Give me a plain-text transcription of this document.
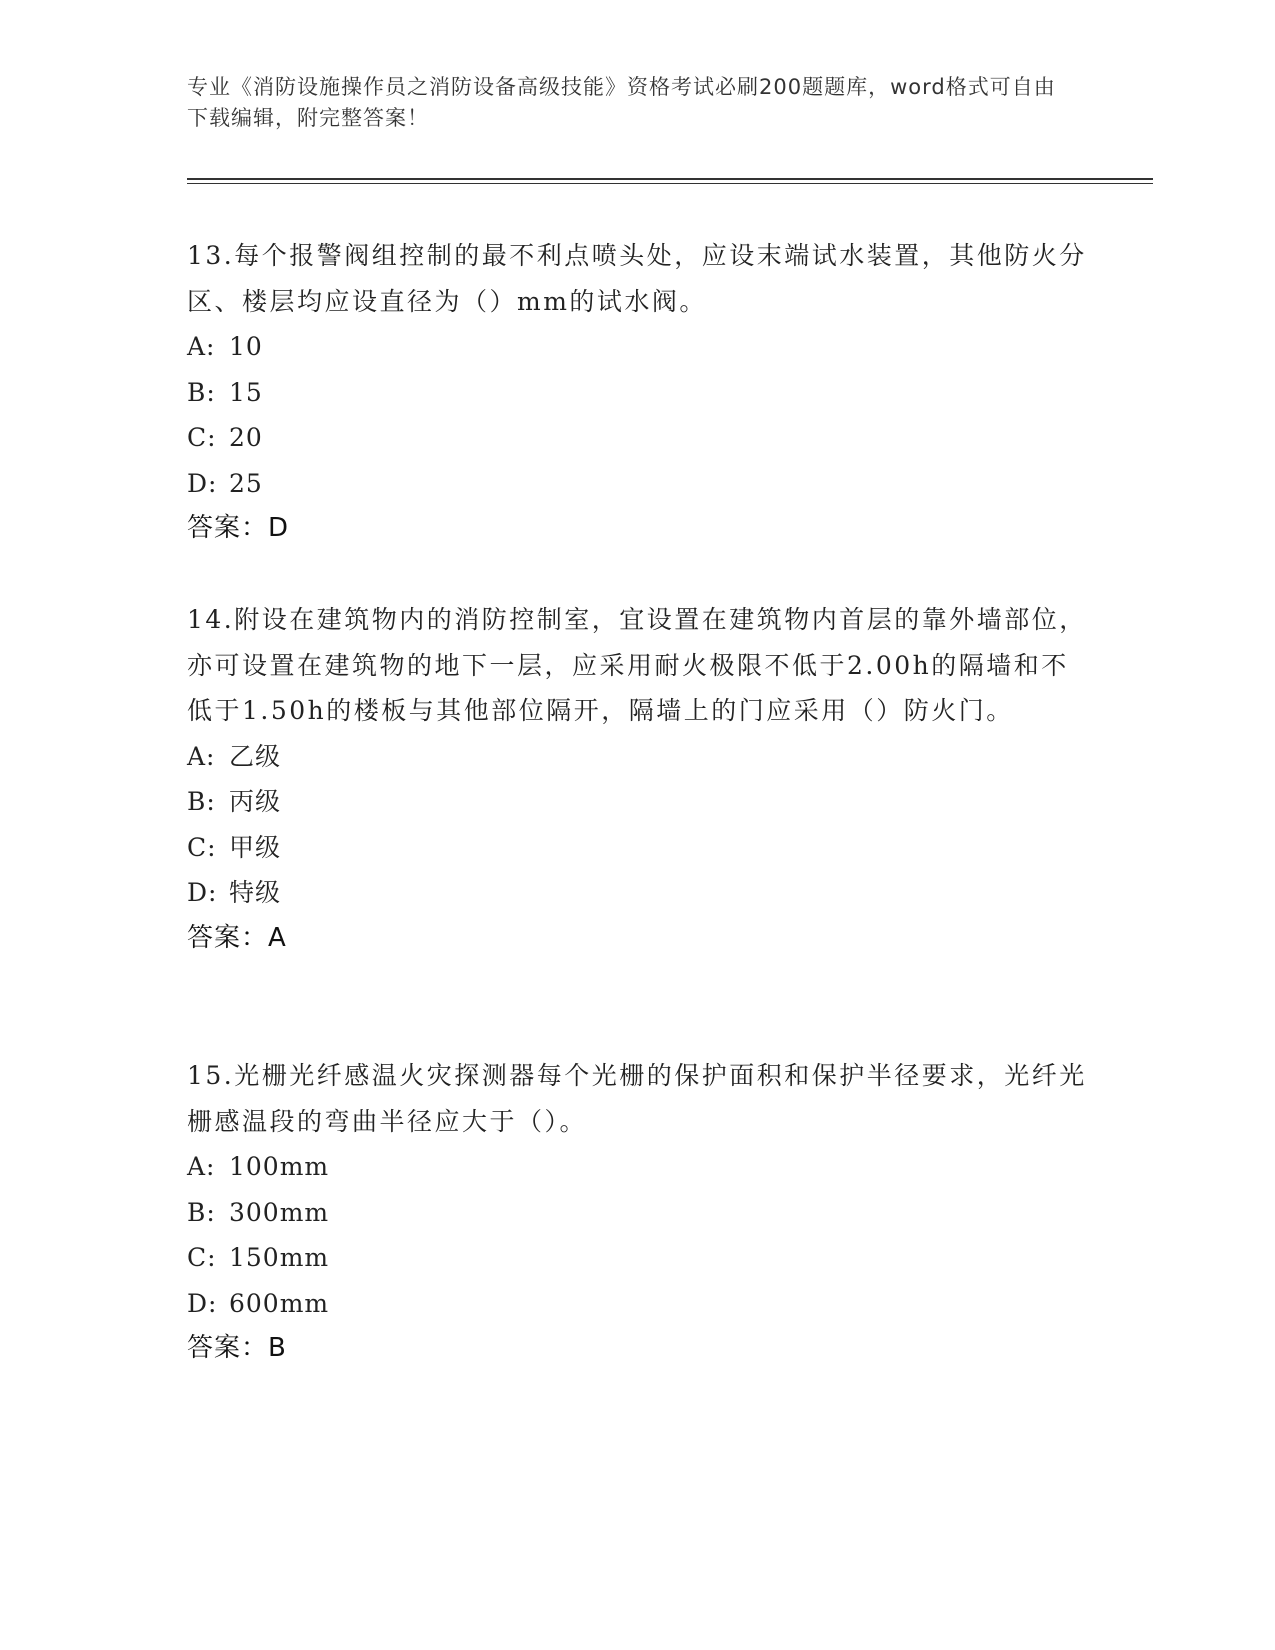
专业《消防设施操作员之消防设备高级技能》资格考试必刷200题题库，word格式可自由下载编辑，附完整答案！

13.每个报警阀组控制的最不利点喷头处，应设末端试水装置，其他防火分区、楼层均应设直径为（）mm的试水阀。

A: 10

B: 15

C: 20

D: 25

答案：D

14.附设在建筑物内的消防控制室，宜设置在建筑物内首层的靠外墙部位，亦可设置在建筑物的地下一层，应采用耐火极限不低于2.00h的隔墙和不低于1.50h的楼板与其他部位隔开，隔墙上的门应采用（）防火门。

A: 乙级

B: 丙级

C: 甲级

D: 特级

答案：A

15.光栅光纤感温火灾探测器每个光栅的保护面积和保护半径要求，光纤光栅感温段的弯曲半径应大于（）。

A: 100mm

B: 300mm

C: 150mm

D: 600mm

答案：B
